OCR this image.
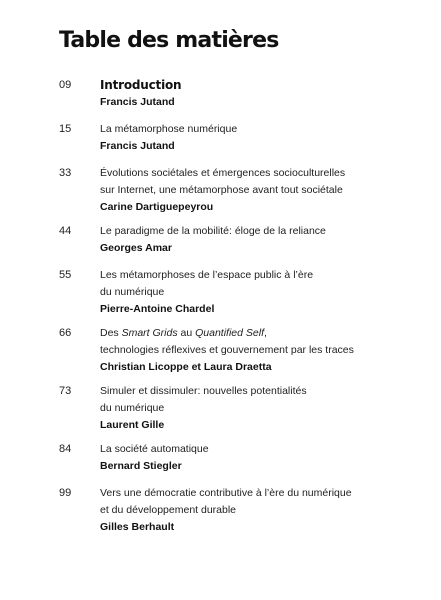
Table des matières
09 Introduction
Francis Jutand
15	La métamorphose numérique
Francis Jutand
33	Évolutions sociétales et émergences socioculturelles
sur Internet, une métamorphose avant tout sociétale
Carine Dartiguepeyrou
44	Le paradigme de la mobilité: éloge de la reliance
Georges Amar
55	Les métamorphoses de l’espace public à l’ère
du numérique
Pierre-Antoine Chardel
66	Des Smart Grids au Quantified Self,
technologies réflexives et gouvernement par les traces
Christian Licoppe et Laura Draetta
73	Simuler et dissimuler: nouvelles potentialités
du numérique
Laurent Gille
84	La société automatique
Bernard Stiegler
99	Vers une démocratie contributive à l’ère du numérique
et du développement durable
Gilles Berhault
